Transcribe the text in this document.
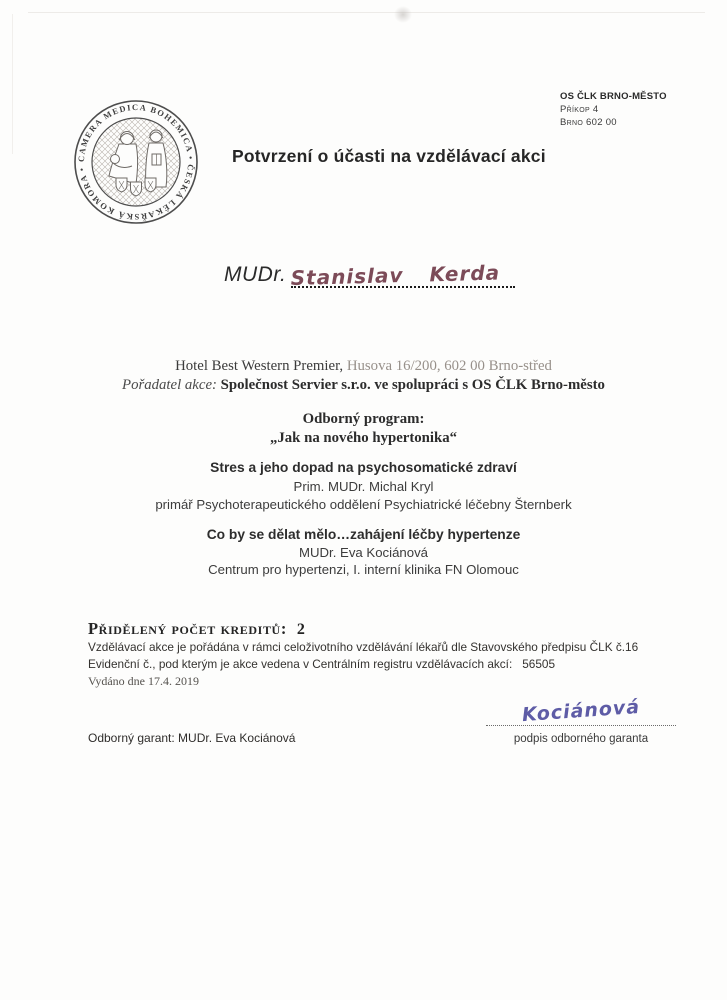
CAMERA MEDICA BOHEMICA • ČESKÁ LÉKAŘSKÁ KOMORA •
OS ČLK BRNO-MĚSTO
Příkop 4
Brno 602 00
Potvrzení o účasti na vzdělávací akci
MUDr. Stanislav Kerda
Hotel Best Western Premier, Husova 16/200, 602 00 Brno-střed
Pořadatel akce: Společnost Servier s.r.o. ve spolupráci s OS ČLK Brno-město
Odborný program:
„Jak na nového hypertonika“
Stres a jeho dopad na psychosomatické zdraví
Prim. MUDr. Michal Kryl
primář Psychoterapeutického oddělení Psychiatrické léčebny Šternberk
Co by se dělat mělo…zahájení léčby hypertenze
MUDr. Eva Kociánová
Centrum pro hypertenzi, I. interní klinika FN Olomouc
Přidělený počet kreditů: 2
Vzdělávací akce je pořádána v rámci celoživotního vzdělávání lékařů dle Stavovského předpisu ČLK č.16
Evidenční č., pod kterým je akce vedena v Centrálním registru vzdělávacích akcí: 56505
Vydáno dne 17.4. 2019
Odborný garant: MUDr. Eva Kociánová
Kociánová
podpis odborného garanta
